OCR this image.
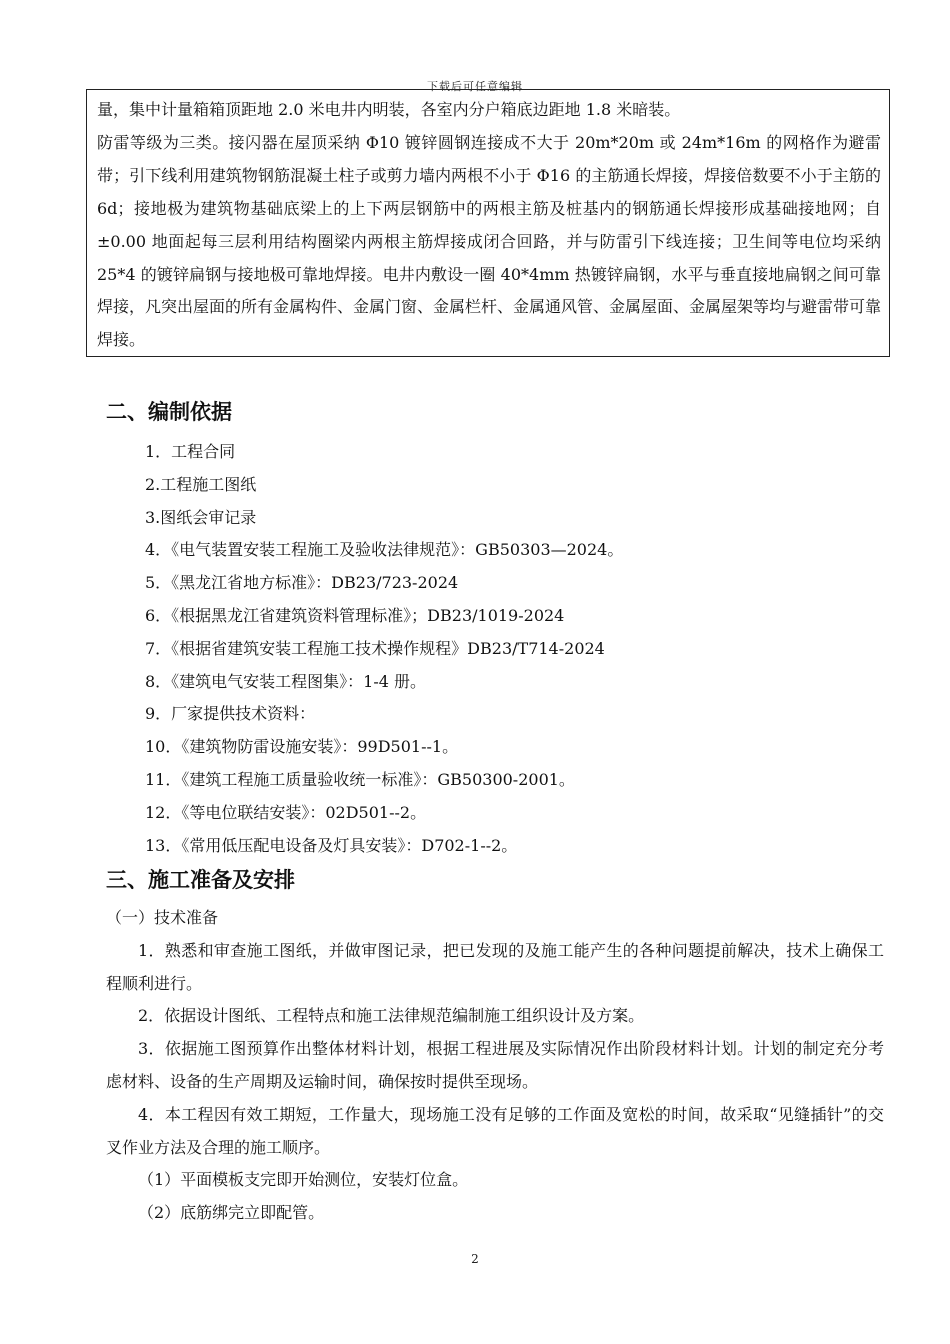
下载后可任意编辑

量，集中计量箱箱顶距地 2.0 米电井内明装，各室内分户箱底边距地 1.8 米暗装。

防雷等级为三类。接闪器在屋顶采纳 Φ10 镀锌圆钢连接成不大于 20m*20m 或 24m*16m 的网格作为避雷带；引下线利用建筑物钢筋混凝土柱子或剪力墙内两根不小于 Φ16 的主筋通长焊接，焊接倍数要不小于主筋的 6d；接地极为建筑物基础底梁上的上下两层钢筋中的两根主筋及桩基内的钢筋通长焊接形成基础接地网；自±0.00 地面起每三层利用结构圈梁内两根主筋焊接成闭合回路，并与防雷引下线连接；卫生间等电位均采纳 25*4 的镀锌扁钢与接地极可靠地焊接。电井内敷设一圈 40*4mm 热镀锌扁钢，水平与垂直接地扁钢之间可靠焊接，凡突出屋面的所有金属构件、金属门窗、金属栏杆、金属通风管、金属屋面、金属屋架等均与避雷带可靠焊接。

二、编制依据
1．工程合同
2.工程施工图纸
3.图纸会审记录
4．《电气装置安装工程施工及验收法律规范》：GB50303—2024。
5．《黑龙江省地方标准》：DB23/723-2024
6．《根据黑龙江省建筑资料管理标准》；DB23/1019-2024
7．《根据省建筑安装工程施工技术操作规程》DB23/T714-2024
8．《建筑电气安装工程图集》：1-4 册。
9．厂家提供技术资料：
10．《建筑物防雷设施安装》：99D501--1。
11．《建筑工程施工质量验收统一标准》：GB50300-2001。
12．《等电位联结安装》：02D501--2。
13．《常用低压配电设备及灯具安装》：D702-1--2。
三、施工准备及安排

（一）技术准备

1．熟悉和审查施工图纸，并做审图记录，把已发现的及施工能产生的各种问题提前解决，技术上确保工程顺利进行。

2．依据设计图纸、工程特点和施工法律规范编制施工组织设计及方案。

3．依据施工图预算作出整体材料计划，根据工程进展及实际情况作出阶段材料计划。计划的制定充分考虑材料、设备的生产周期及运输时间，确保按时提供至现场。

4．本工程因有效工期短，工作量大，现场施工没有足够的工作面及宽松的时间，故采取“见缝插针”的交叉作业方法及合理的施工顺序。

（1）平面模板支完即开始测位，安装灯位盒。

（2）底筋绑完立即配管。

2
